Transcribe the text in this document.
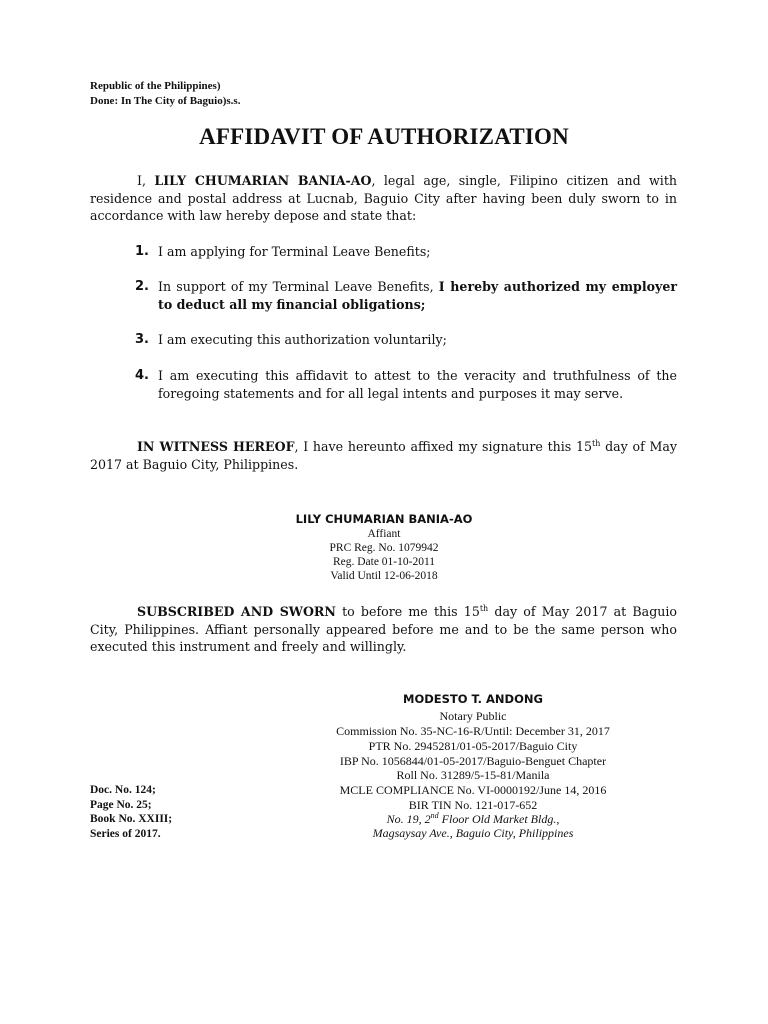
Republic of the Philippines)
Done: In The City of Baguio)s.s.
AFFIDAVIT OF AUTHORIZATION

I, LILY CHUMARIAN BANIA-AO, legal age, single, Filipino citizen and with residence and postal address at Lucnab, Baguio City after having been duly sworn to in accordance with law hereby depose and state that:

1. I am applying for Terminal Leave Benefits;
2. In support of my Terminal Leave Benefits, I hereby authorized my employer to deduct all my financial obligations;
3. I am executing this authorization voluntarily;
4. I am executing this affidavit to attest to the veracity and truthfulness of the foregoing statements and for all legal intents and purposes it may serve.

IN WITNESS HEREOF, I have hereunto affixed my signature this 15th day of May 2017 at Baguio City, Philippines.

LILY CHUMARIAN BANIA-AO
Affiant
PRC Reg. No. 1079942
Reg. Date 01-10-2011
Valid Until 12-06-2018

SUBSCRIBED AND SWORN to before me this 15th day of May 2017 at Baguio City, Philippines. Affiant personally appeared before me and to be the same person who executed this instrument and freely and willingly.

MODESTO T. ANDONG
Notary Public
Commission No. 35-NC-16-R/Until: December 31, 2017
PTR No. 2945281/01-05-2017/Baguio City
IBP No. 1056844/01-05-2017/Baguio-Benguet Chapter
Roll No. 31289/5-15-81/Manila
MCLE COMPLIANCE No. VI-0000192/June 14, 2016
BIR TIN No. 121-017-652
No. 19, 2nd Floor Old Market Bldg.,
Magsaysay Ave., Baguio City, Philippines
Doc. No. 124;
Page No. 25;
Book No. XXIII;
Series of 2017.
